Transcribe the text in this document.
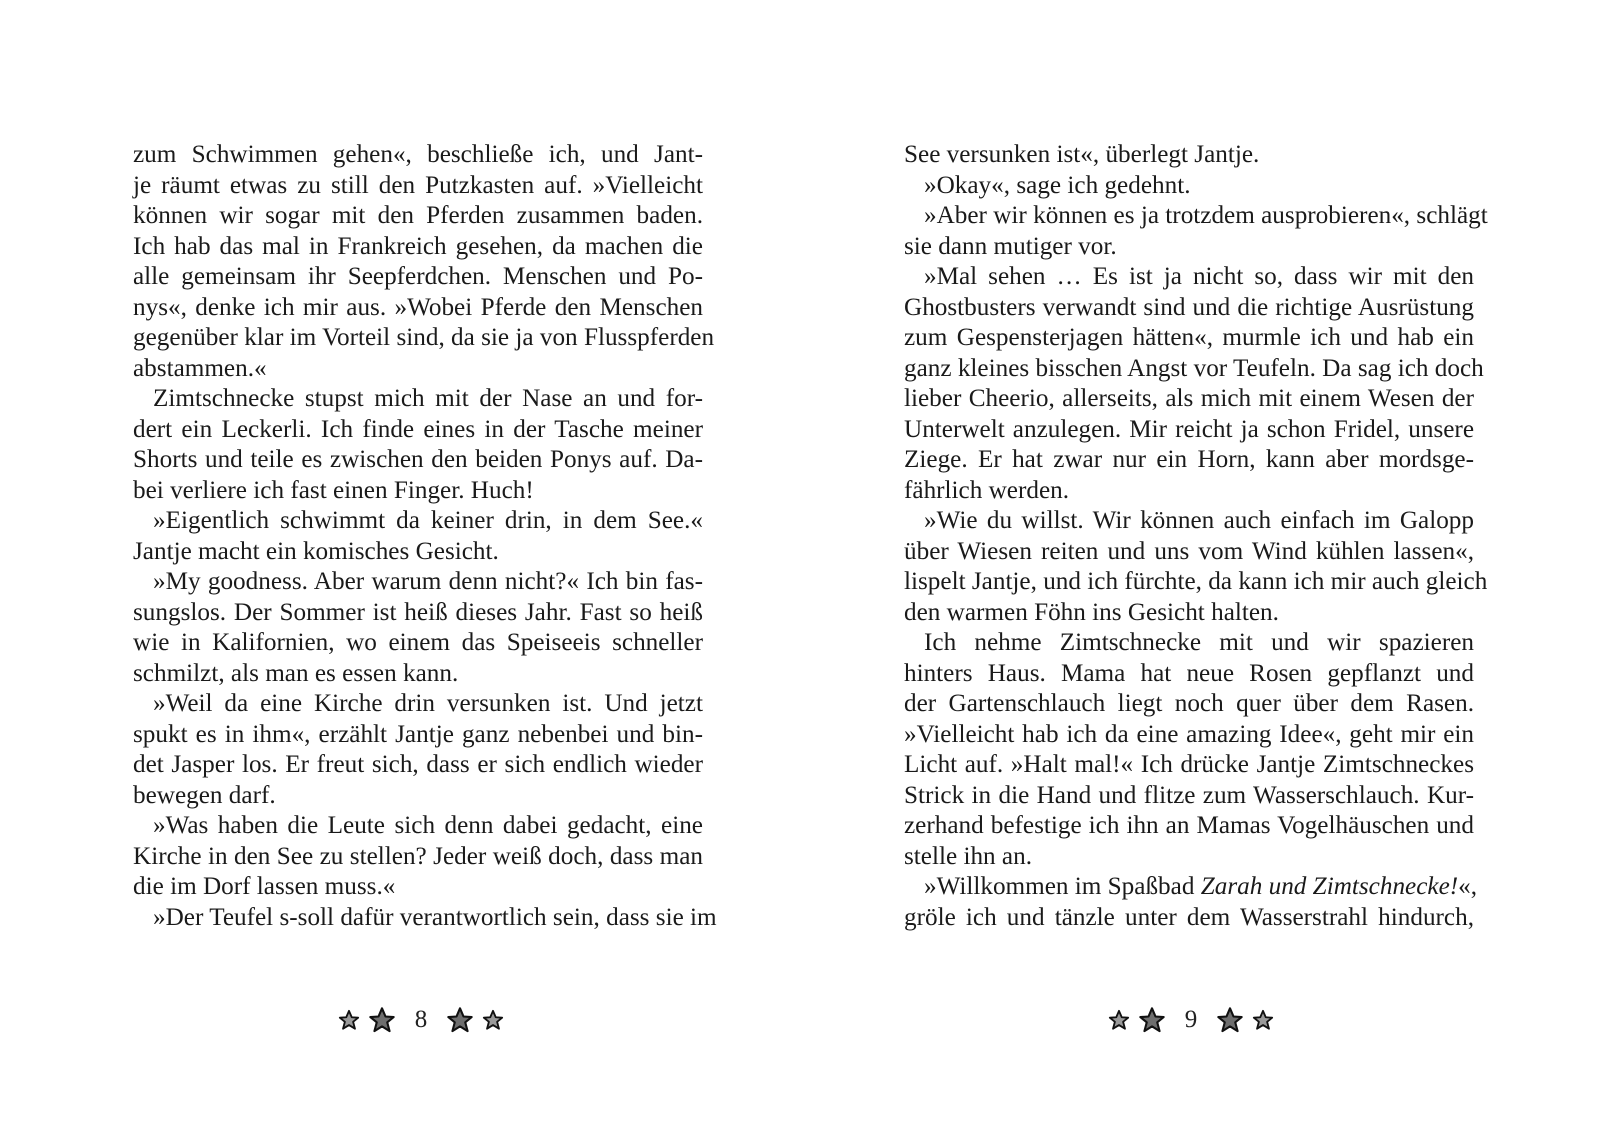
zum Schwimmen gehen«, beschließe ich, und Jant-
je räumt etwas zu still den Putzkasten auf. »Vielleicht
können wir sogar mit den Pferden zusammen baden.
Ich hab das mal in Frankreich gesehen, da machen die
alle gemeinsam ihr Seepferdchen. Menschen und Po-
nys«, denke ich mir aus. »Wobei Pferde den Menschen
gegenüber klar im Vorteil sind, da sie ja von Flusspferden
abstammen.«

Zimtschnecke stupst mich mit der Nase an und for-
dert ein Leckerli. Ich finde eines in der Tasche meiner
Shorts und teile es zwischen den beiden Ponys auf. Da-
bei verliere ich fast einen Finger. Huch!

»Eigentlich schwimmt da keiner drin, in dem See.«
Jantje macht ein komisches Gesicht.

»My goodness. Aber warum denn nicht?« Ich bin fas-
sungslos. Der Sommer ist heiß dieses Jahr. Fast so heiß
wie in Kalifornien, wo einem das Speiseeis schneller
schmilzt, als man es essen kann.

»Weil da eine Kirche drin versunken ist. Und jetzt
spukt es in ihm«, erzählt Jantje ganz nebenbei und bin-
det Jasper los. Er freut sich, dass er sich endlich wieder
bewegen darf.

»Was haben die Leute sich denn dabei gedacht, eine
Kirche in den See zu stellen? Jeder weiß doch, dass man
die im Dorf lassen muss.«

»Der Teufel s-soll dafür verantwortlich sein, dass sie im

See versunken ist«, überlegt Jantje.

»Okay«, sage ich gedehnt.

»Aber wir können es ja trotzdem ausprobieren«, schlägt
sie dann mutiger vor.

»Mal sehen … Es ist ja nicht so, dass wir mit den
Ghostbusters verwandt sind und die richtige Ausrüstung
zum Gespensterjagen hätten«, murmle ich und hab ein
ganz kleines bisschen Angst vor Teufeln. Da sag ich doch
lieber Cheerio, allerseits, als mich mit einem Wesen der
Unterwelt anzulegen. Mir reicht ja schon Fridel, unsere
Ziege. Er hat zwar nur ein Horn, kann aber mordsge-
fährlich werden.

»Wie du willst. Wir können auch einfach im Galopp
über Wiesen reiten und uns vom Wind kühlen lassen«,
lispelt Jantje, und ich fürchte, da kann ich mir auch gleich
den warmen Föhn ins Gesicht halten.

Ich nehme Zimtschnecke mit und wir spazieren
hinters Haus. Mama hat neue Rosen gepflanzt und
der Gartenschlauch liegt noch quer über dem Rasen.
»Vielleicht hab ich da eine amazing Idee«, geht mir ein
Licht auf. »Halt mal!« Ich drücke Jantje Zimtschneckes
Strick in die Hand und flitze zum Wasserschlauch. Kur-
zerhand befestige ich ihn an Mamas Vogelhäuschen und
stelle ihn an.

»Willkommen im Spaßbad Zarah und Zimtschnecke!«,
gröle ich und tänzle unter dem Wasserstrahl hindurch,

8	9
